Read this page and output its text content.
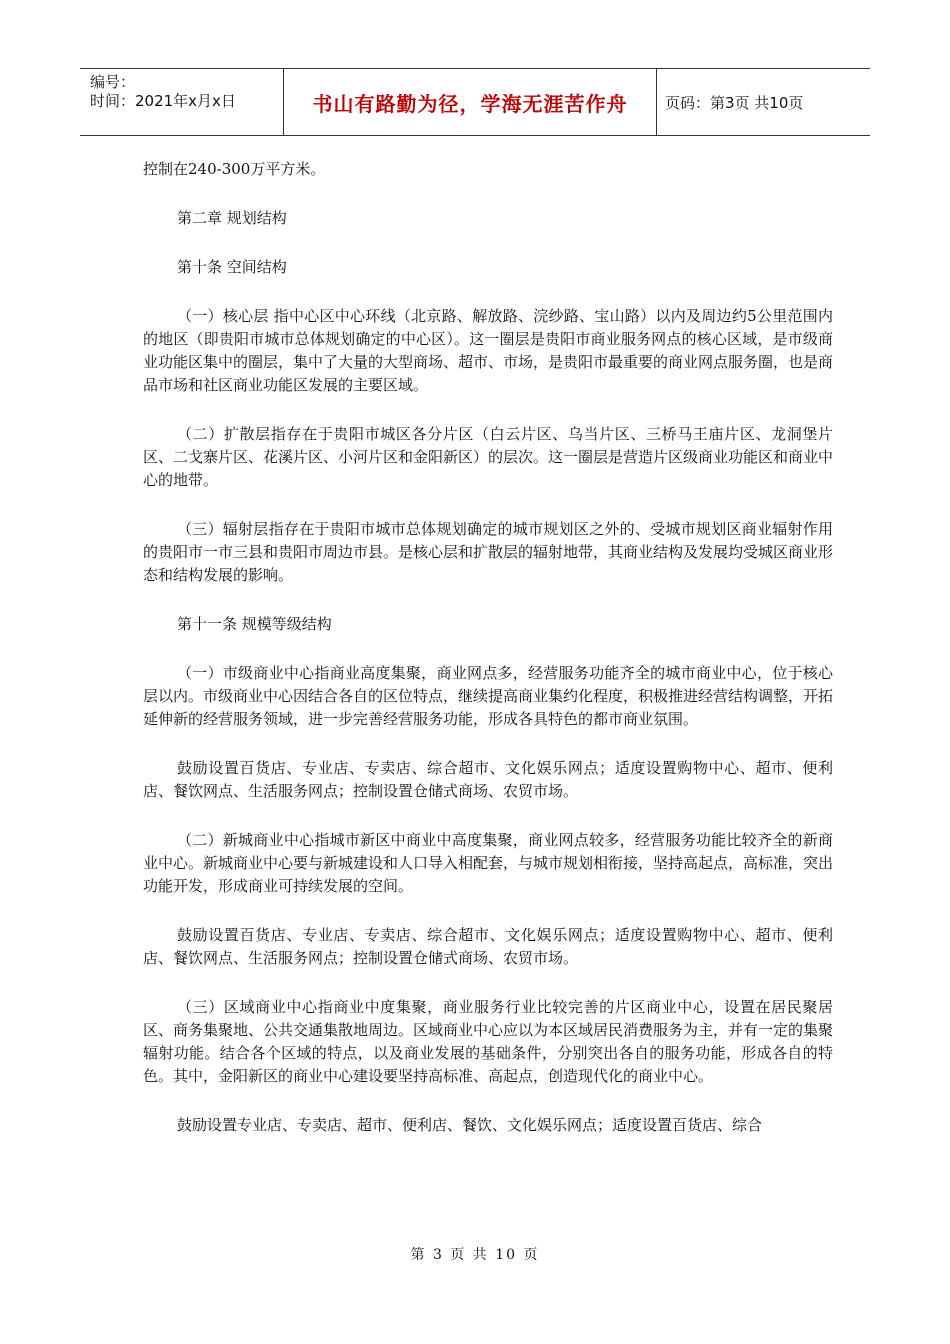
编号：
时间：2021年x月x日	书山有路勤为径，学海无涯苦作舟	页码：第3页 共10页

控制在240-300万平方米。

第二章 规划结构

第十条 空间结构

（一）核心层 指中心区中心环线（北京路、解放路、浣纱路、宝山路）以内及周边约5公里范围内的地区（即贵阳市城市总体规划确定的中心区）。这一圈层是贵阳市商业服务网点的核心区域，是市级商业功能区集中的圈层，集中了大量的大型商场、超市、市场，是贵阳市最重要的商业网点服务圈，也是商品市场和社区商业功能区发展的主要区域。

（二）扩散层指存在于贵阳市城区各分片区（白云片区、乌当片区、三桥马王庙片区、龙洞堡片区、二戈寨片区、花溪片区、小河片区和金阳新区）的层次。这一圈层是营造片区级商业功能区和商业中心的地带。

（三）辐射层指存在于贵阳市城市总体规划确定的城市规划区之外的、受城市规划区商业辐射作用的贵阳市一市三县和贵阳市周边市县。是核心层和扩散层的辐射地带，其商业结构及发展均受城区商业形态和结构发展的影响。

第十一条 规模等级结构

（一）市级商业中心指商业高度集聚，商业网点多，经营服务功能齐全的城市商业中心，位于核心层以内。市级商业中心因结合各自的区位特点，继续提高商业集约化程度，积极推进经营结构调整，开拓延伸新的经营服务领域，进一步完善经营服务功能，形成各具特色的都市商业氛围。

鼓励设置百货店、专业店、专卖店、综合超市、文化娱乐网点；适度设置购物中心、超市、便利店、餐饮网点、生活服务网点；控制设置仓储式商场、农贸市场。

（二）新城商业中心指城市新区中商业中高度集聚，商业网点较多，经营服务功能比较齐全的新商业中心。新城商业中心要与新城建设和人口导入相配套，与城市规划相衔接，坚持高起点，高标准，突出功能开发，形成商业可持续发展的空间。

鼓励设置百货店、专业店、专卖店、综合超市、文化娱乐网点；适度设置购物中心、超市、便利店、餐饮网点、生活服务网点；控制设置仓储式商场、农贸市场。

（三）区域商业中心指商业中度集聚，商业服务行业比较完善的片区商业中心，设置在居民聚居区、商务集聚地、公共交通集散地周边。区域商业中心应以为本区域居民消费服务为主，并有一定的集聚辐射功能。结合各个区域的特点，以及商业发展的基础条件，分别突出各自的服务功能，形成各自的特色。其中，金阳新区的商业中心建设要坚持高标准、高起点，创造现代化的商业中心。

鼓励设置专业店、专卖店、超市、便利店、餐饮、文化娱乐网点；适度设置百货店、综合

第 3 页 共 10 页
